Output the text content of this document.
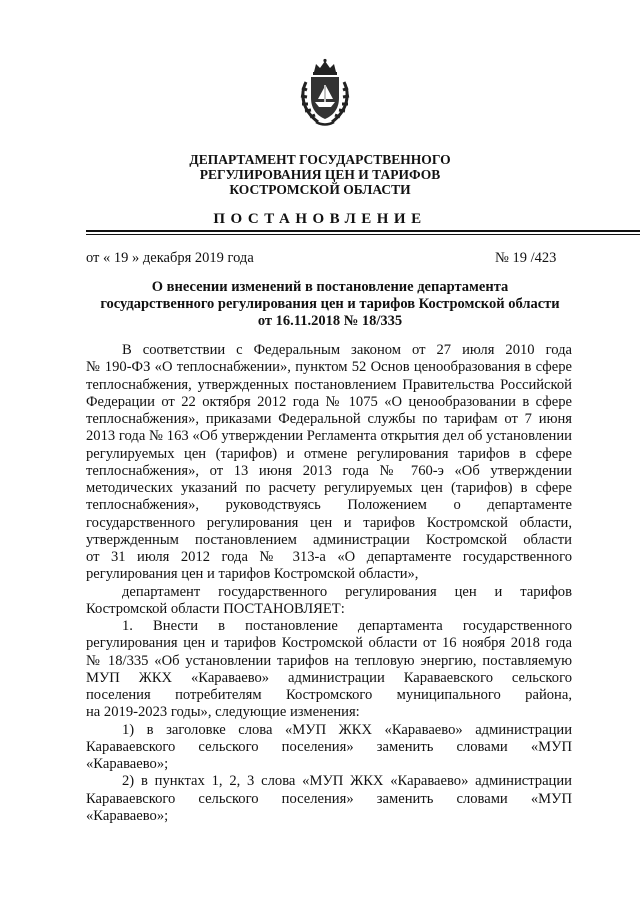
ДЕПАРТАМЕНТ ГОСУДАРСТВЕННОГО
РЕГУЛИРОВАНИЯ ЦЕН И ТАРИФОВ
КОСТРОМСКОЙ ОБЛАСТИ
ПОСТАНОВЛЕНИЕ
от « 19 » декабря 2019 года	№ 19 /423
О внесении изменений в постановление департамента
государственного регулирования цен и тарифов Костромской области
от 16.11.2018 № 18/335
В соответствии с Федеральным законом от 27 июля 2010 года
№ 190-ФЗ «О теплоснабжении», пунктом 52 Основ ценообразования в сфере
теплоснабжения, утвержденных постановлением Правительства Российской
Федерации от 22 октября 2012 года № 1075 «О ценообразовании в сфере
теплоснабжения», приказами Федеральной службы по тарифам от 7 июня
2013 года № 163 «Об утверждении Регламента открытия дел об установлении
регулируемых цен (тарифов) и отмене регулирования тарифов в сфере
теплоснабжения», от 13 июня 2013 года № 760-э «Об утверждении
методических указаний по расчету регулируемых цен (тарифов) в сфере
теплоснабжения», руководствуясь Положением о департаменте
государственного регулирования цен и тарифов Костромской области,
утвержденным постановлением администрации Костромской области
от 31 июля 2012 года № 313-а «О департаменте государственного
регулирования цен и тарифов Костромской области»,
департамент государственного регулирования цен и тарифов
Костромской области ПОСТАНОВЛЯЕТ:
1. Внести в постановление департамента государственного
регулирования цен и тарифов Костромской области от 16 ноября 2018 года
№ 18/335 «Об установлении тарифов на тепловую энергию, поставляемую
МУП ЖКХ «Караваево» администрации Караваевского сельского
поселения потребителям Костромского муниципального района,
на 2019-2023 годы», следующие изменения:
1) в заголовке слова «МУП ЖКХ «Караваево» администрации
Караваевского сельского поселения» заменить словами «МУП
«Караваево»;
2) в пунктах 1, 2, 3 слова «МУП ЖКХ «Караваево» администрации
Караваевского сельского поселения» заменить словами «МУП
«Караваево»;
